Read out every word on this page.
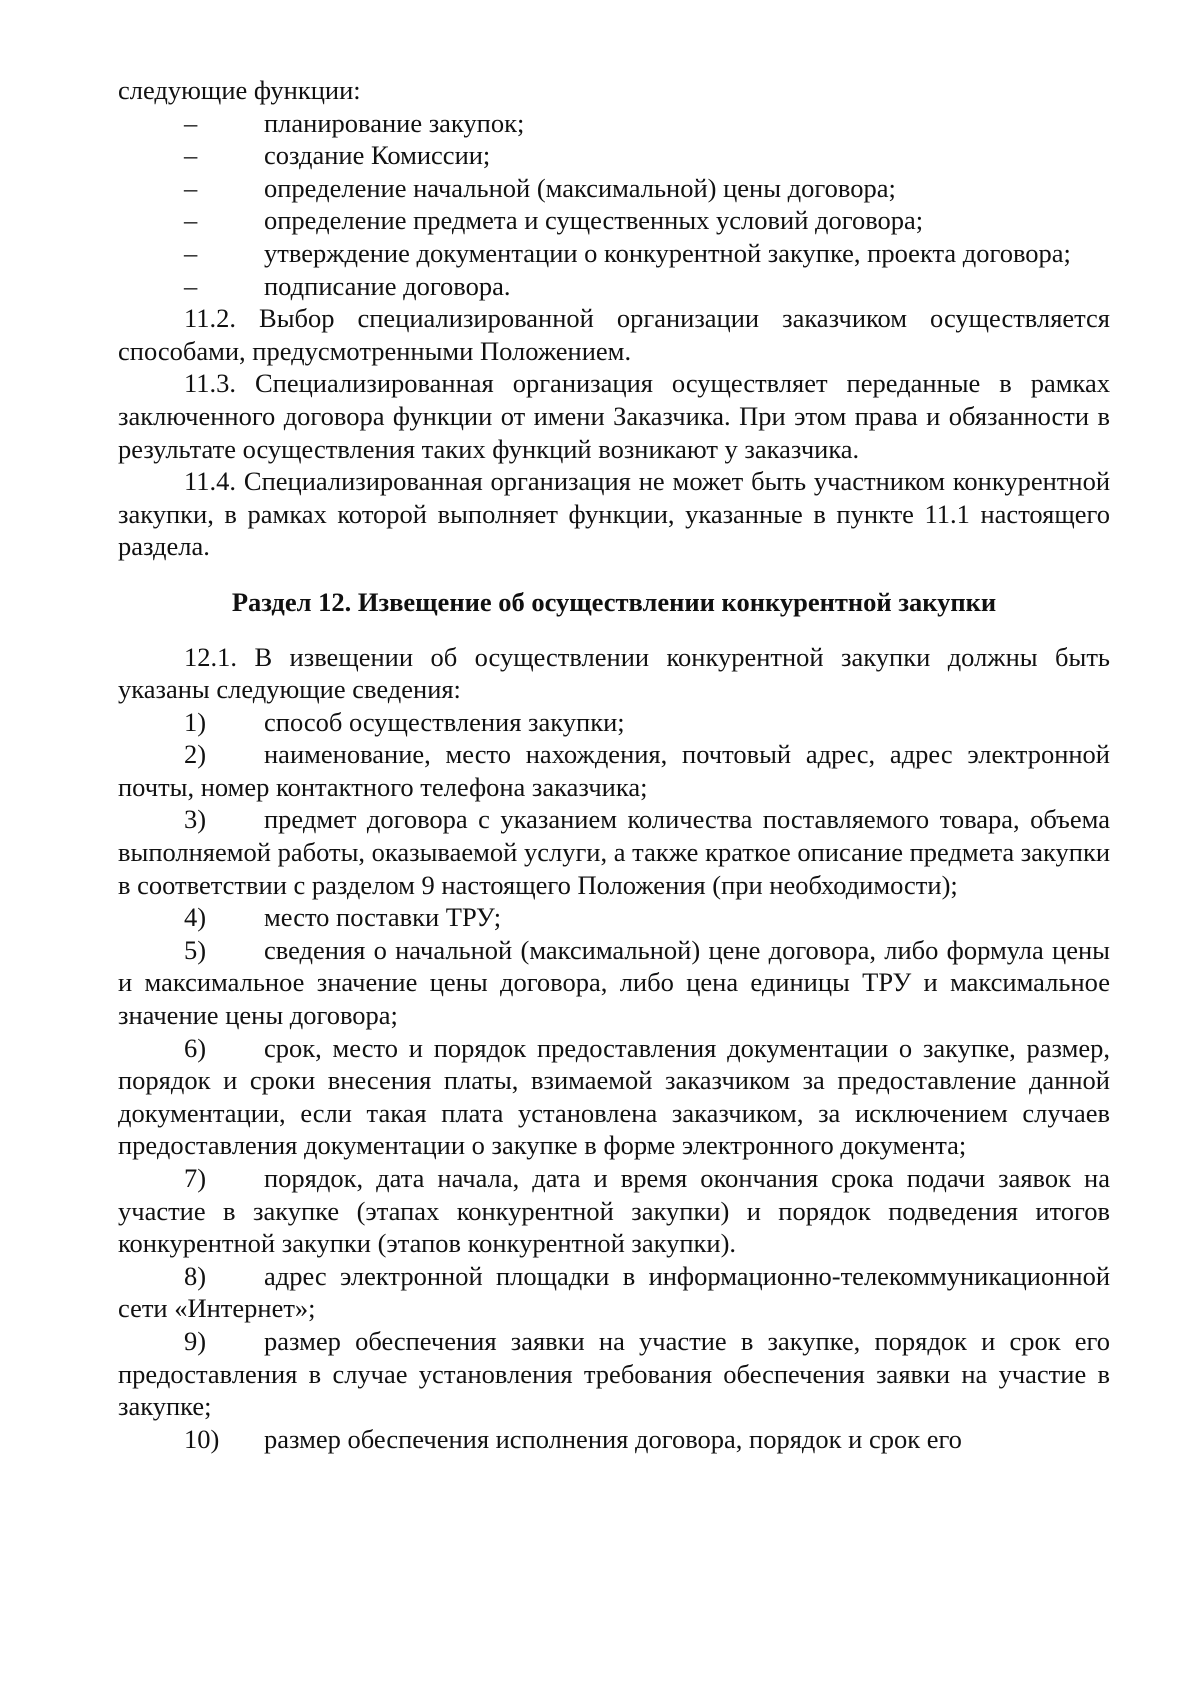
следующие функции:

–	планирование закупок;

–	создание Комиссии;

–	определение начальной (максимальной) цены договора;

–	определение предмета и существенных условий договора;

–	утверждение документации о конкурентной закупке, проекта договора;

–	подписание договора.

11.2. Выбор специализированной организации заказчиком осуществляется способами, предусмотренными Положением.

11.3. Специализированная организация осуществляет переданные в рамках заключенного договора функции от имени Заказчика. При этом права и обязанности в результате осуществления таких функций возникают у заказчика.

11.4. Специализированная организация не может быть участником конкурентной закупки, в рамках которой выполняет функции, указанные в пункте 11.1 настоящего раздела.

Раздел 12. Извещение об осуществлении конкурентной закупки

12.1. В извещении об осуществлении конкурентной закупки должны быть указаны следующие сведения:

1) способ осуществления закупки;

2) наименование, место нахождения, почтовый адрес, адрес электронной почты, номер контактного телефона заказчика;

3) предмет договора с указанием количества поставляемого товара, объема выполняемой работы, оказываемой услуги, а также краткое описание предмета закупки в соответствии с разделом 9 настоящего Положения (при необходимости);

4) место поставки ТРУ;

5) сведения о начальной (максимальной) цене договора, либо формула цены и максимальное значение цены договора, либо цена единицы ТРУ и максимальное значение цены договора;

6) срок, место и порядок предоставления документации о закупке, размер, порядок и сроки внесения платы, взимаемой заказчиком за предоставление данной документации, если такая плата установлена заказчиком, за исключением случаев предоставления документации о закупке в форме электронного документа;

7) порядок, дата начала, дата и время окончания срока подачи заявок на участие в закупке (этапах конкурентной закупки) и порядок подведения итогов конкурентной закупки (этапов конкурентной закупки).

8) адрес электронной площадки в информационно-телекоммуникационной сети «Интернет»;

9) размер обеспечения заявки на участие в закупке, порядок и срок его предоставления в случае установления требования обеспечения заявки на участие в закупке;

10) размер обеспечения исполнения договора, порядок и срок его
